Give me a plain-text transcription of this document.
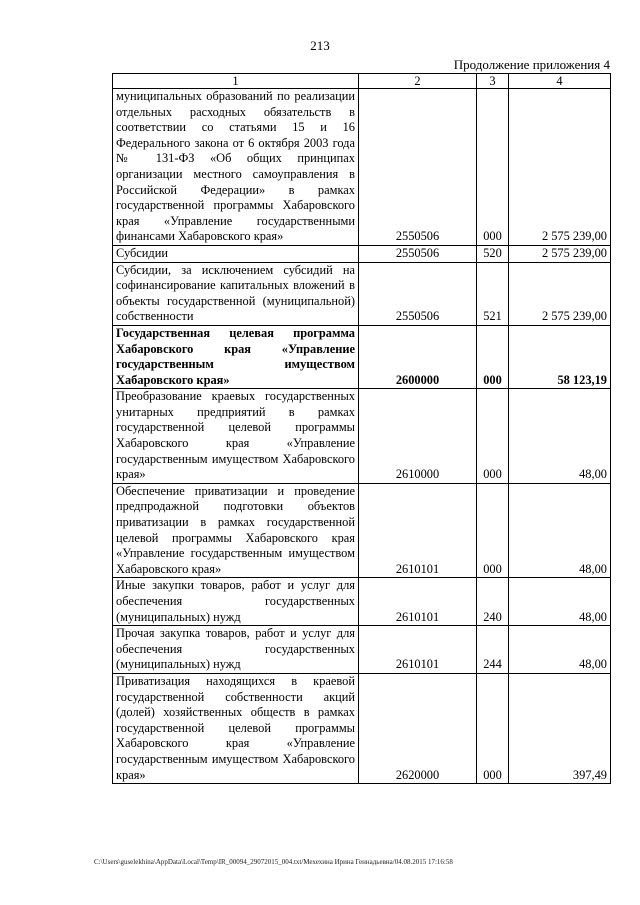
213
Продолжение приложения 4
1	2	3	4
муниципальных образований по реализации отдельных расходных обязательств в соответствии со статьями 15 и 16 Федерального закона от 6 октября 2003 года № 131-ФЗ «Об общих принципах организации местного самоуправления в Российской Федерации» в рамках государственной программы Хабаровского края «Управление государственными финансами Хабаровского края»	2550506	000	2 575 239,00
Субсидии	2550506	520	2 575 239,00
Субсидии, за исключением субсидий на софинансирование капитальных вложений в объекты государственной (муниципальной) собственности	2550506	521	2 575 239,00
Государственная целевая программа Хабаровского края «Управление государственным имуществом Хабаровского края»	2600000	000	58 123,19
Преобразование краевых государственных унитарных предприятий в рамках государственной целевой программы Хабаровского края «Управление государственным имуществом Хабаровского края»	2610000	000	48,00
Обеспечение приватизации и проведение предпродажной подготовки объектов приватизации в рамках государственной целевой программы Хабаровского края «Управление государственным имуществом Хабаровского края»	2610101	000	48,00
Иные закупки товаров, работ и услуг для обеспечения государственных (муниципальных) нужд	2610101	240	48,00
Прочая закупка товаров, работ и услуг для обеспечения государственных (муниципальных) нужд	2610101	244	48,00
Приватизация находящихся в краевой государственной собственности акций (долей) хозяйственных обществ в рамках государственной целевой программы Хабаровского края «Управление государственным имуществом Хабаровского края»	2620000	000	397,49
C:\Users\guselekhina\AppData\Local\Temp\IR_00094_29072015_004.txt/Мехехина Ирина Геннадьевна/04.08.2015 17:16:58
